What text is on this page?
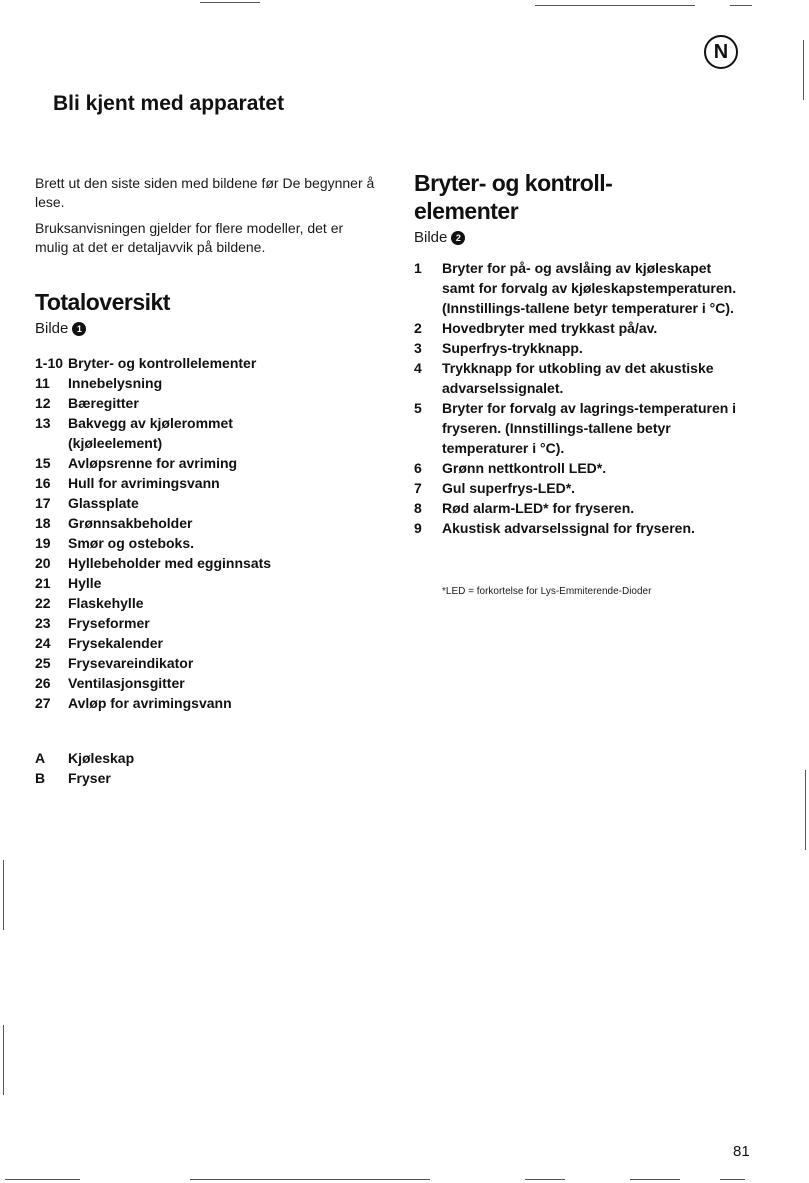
N
Bli kjent med apparatet
Brett ut den siste siden med bildene før De begynner å lese.
Bruksanvisningen gjelder for flere modeller, det er mulig at det er detaljavvik på bildene.
Totaloversikt
Bilde 1
1-10 Bryter- og kontrollelementer
11	Innebelysning
12	Bæregitter
13	Bakvegg av kjølerommet (kjøleelement)
15	Avløpsrenne for avriming
16	Hull for avrimingsvann
17	Glassplate
18	Grønnsakbeholder
19	Smør og osteboks.
20	Hyllebeholder med egginnsats
21	Hylle
22	Flaskehylle
23	Fryseformer
24	Frysekalender
25	Frysevareindikator
26	Ventilasjonsgitter
27	Avløp for avrimingsvann
A	Kjøleskap
B	Fryser
Bryter- og kontroll-elementer
Bilde 2
1	Bryter for på- og avslåing av kjøleskapet samt for forvalg av kjøleskapstemperaturen. (Innstillings-tallene betyr temperaturer i °C).
2	Hovedbryter med trykkast på/av.
3	Superfrys-trykknapp.
4	Trykknapp for utkobling av det akustiske advarselssignalet.
5	Bryter for forvalg av lagrings-temperaturen i fryseren. (Innstillings-tallene betyr temperaturer i °C).
6	Grønn nettkontroll LED*.
7	Gul superfrys-LED*.
8	Rød alarm-LED* for fryseren.
9	Akustisk advarselssignal for fryseren.
*LED = forkortelse for Lys-Emmiterende-Dioder
81
